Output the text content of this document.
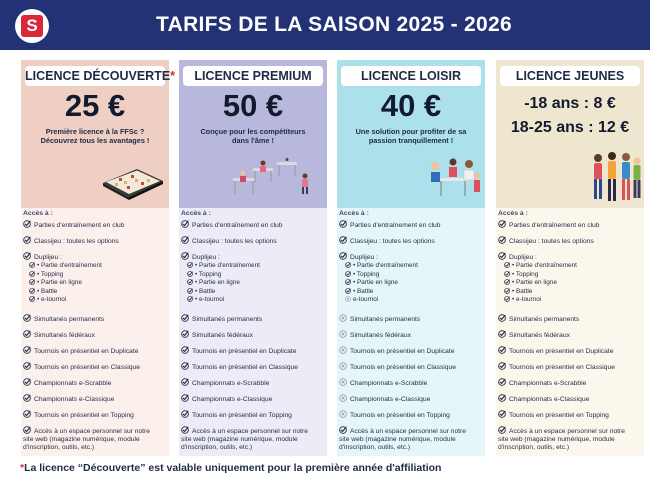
S	TARIFS DE LA SAISON 2025 - 2026
LICENCE DÉCOUVERTE*
25 €
Première licence à la FFSc ?
Découvrez tous les avantages !
Accès à :
Parties d'entraînement en club
Classijeu : toutes les options
Duplijeu :
• Partie d'entraînement
• Topping
• Partie en ligne
• Battle
• e-tournoi
Simultanés permanents
Simultanés fédéraux
Tournois en présentiel en Duplicate
Tournois en présentiel en Classique
Championnats e-Scrabble
Championnats e-Classique
Tournois en présentiel en Topping
Accès à un espace personnel sur notre site web (magazine numérique, module d'inscription, outils, etc.)
LICENCE PREMIUM
50 €
Conçue pour les compétiteurs
dans l'âme !
Accès à :
Parties d'entraînement en club
Classijeu : toutes les options
Duplijeu :
• Partie d'entraînement
• Topping
• Partie en ligne
• Battle
• e-tournoi
Simultanés permanents
Simultanés fédéraux
Tournois en présentiel en Duplicate
Tournois en présentiel en Classique
Championnats e-Scrabble
Championnats e-Classique
Tournois en présentiel en Topping
Accès à un espace personnel sur notre site web (magazine numérique, module d'inscription, outils, etc.)
LICENCE LOISIR
40 €
Une solution pour profiter de sa
passion tranquillement !
Accès à :
Parties d'entraînement en club
Classijeu : toutes les options
Duplijeu :
• Partie d'entraînement
• Topping
• Partie en ligne
• Battle
e-tournoi
Simultanés permanents
Simultanés fédéraux
Tournois en présentiel en Duplicate
Tournois en présentiel en Classique
Championnats e-Scrabble
Championnats e-Classique
Tournois en présentiel en Topping
Accès à un espace personnel sur notre site web (magazine numérique, module d'inscription, outils, etc.)
LICENCE JEUNES
-18 ans : 8 €
18-25 ans : 12 €
Accès à :
Parties d'entraînement en club
Classijeu : toutes les options
Duplijeu :
• Partie d'entraînement
• Topping
• Partie en ligne
• Battle
• e-tournoi
Simultanés permanents
Simultanés fédéraux
Tournois en présentiel en Duplicate
Tournois en présentiel en Classique
Championnats e-Scrabble
Championnats e-Classique
Tournois en présentiel en Topping
Accès à un espace personnel sur notre site web (magazine numérique, module d'inscription, outils, etc.)
*La licence “Découverte” est valable uniquement pour la première année d'affiliation
